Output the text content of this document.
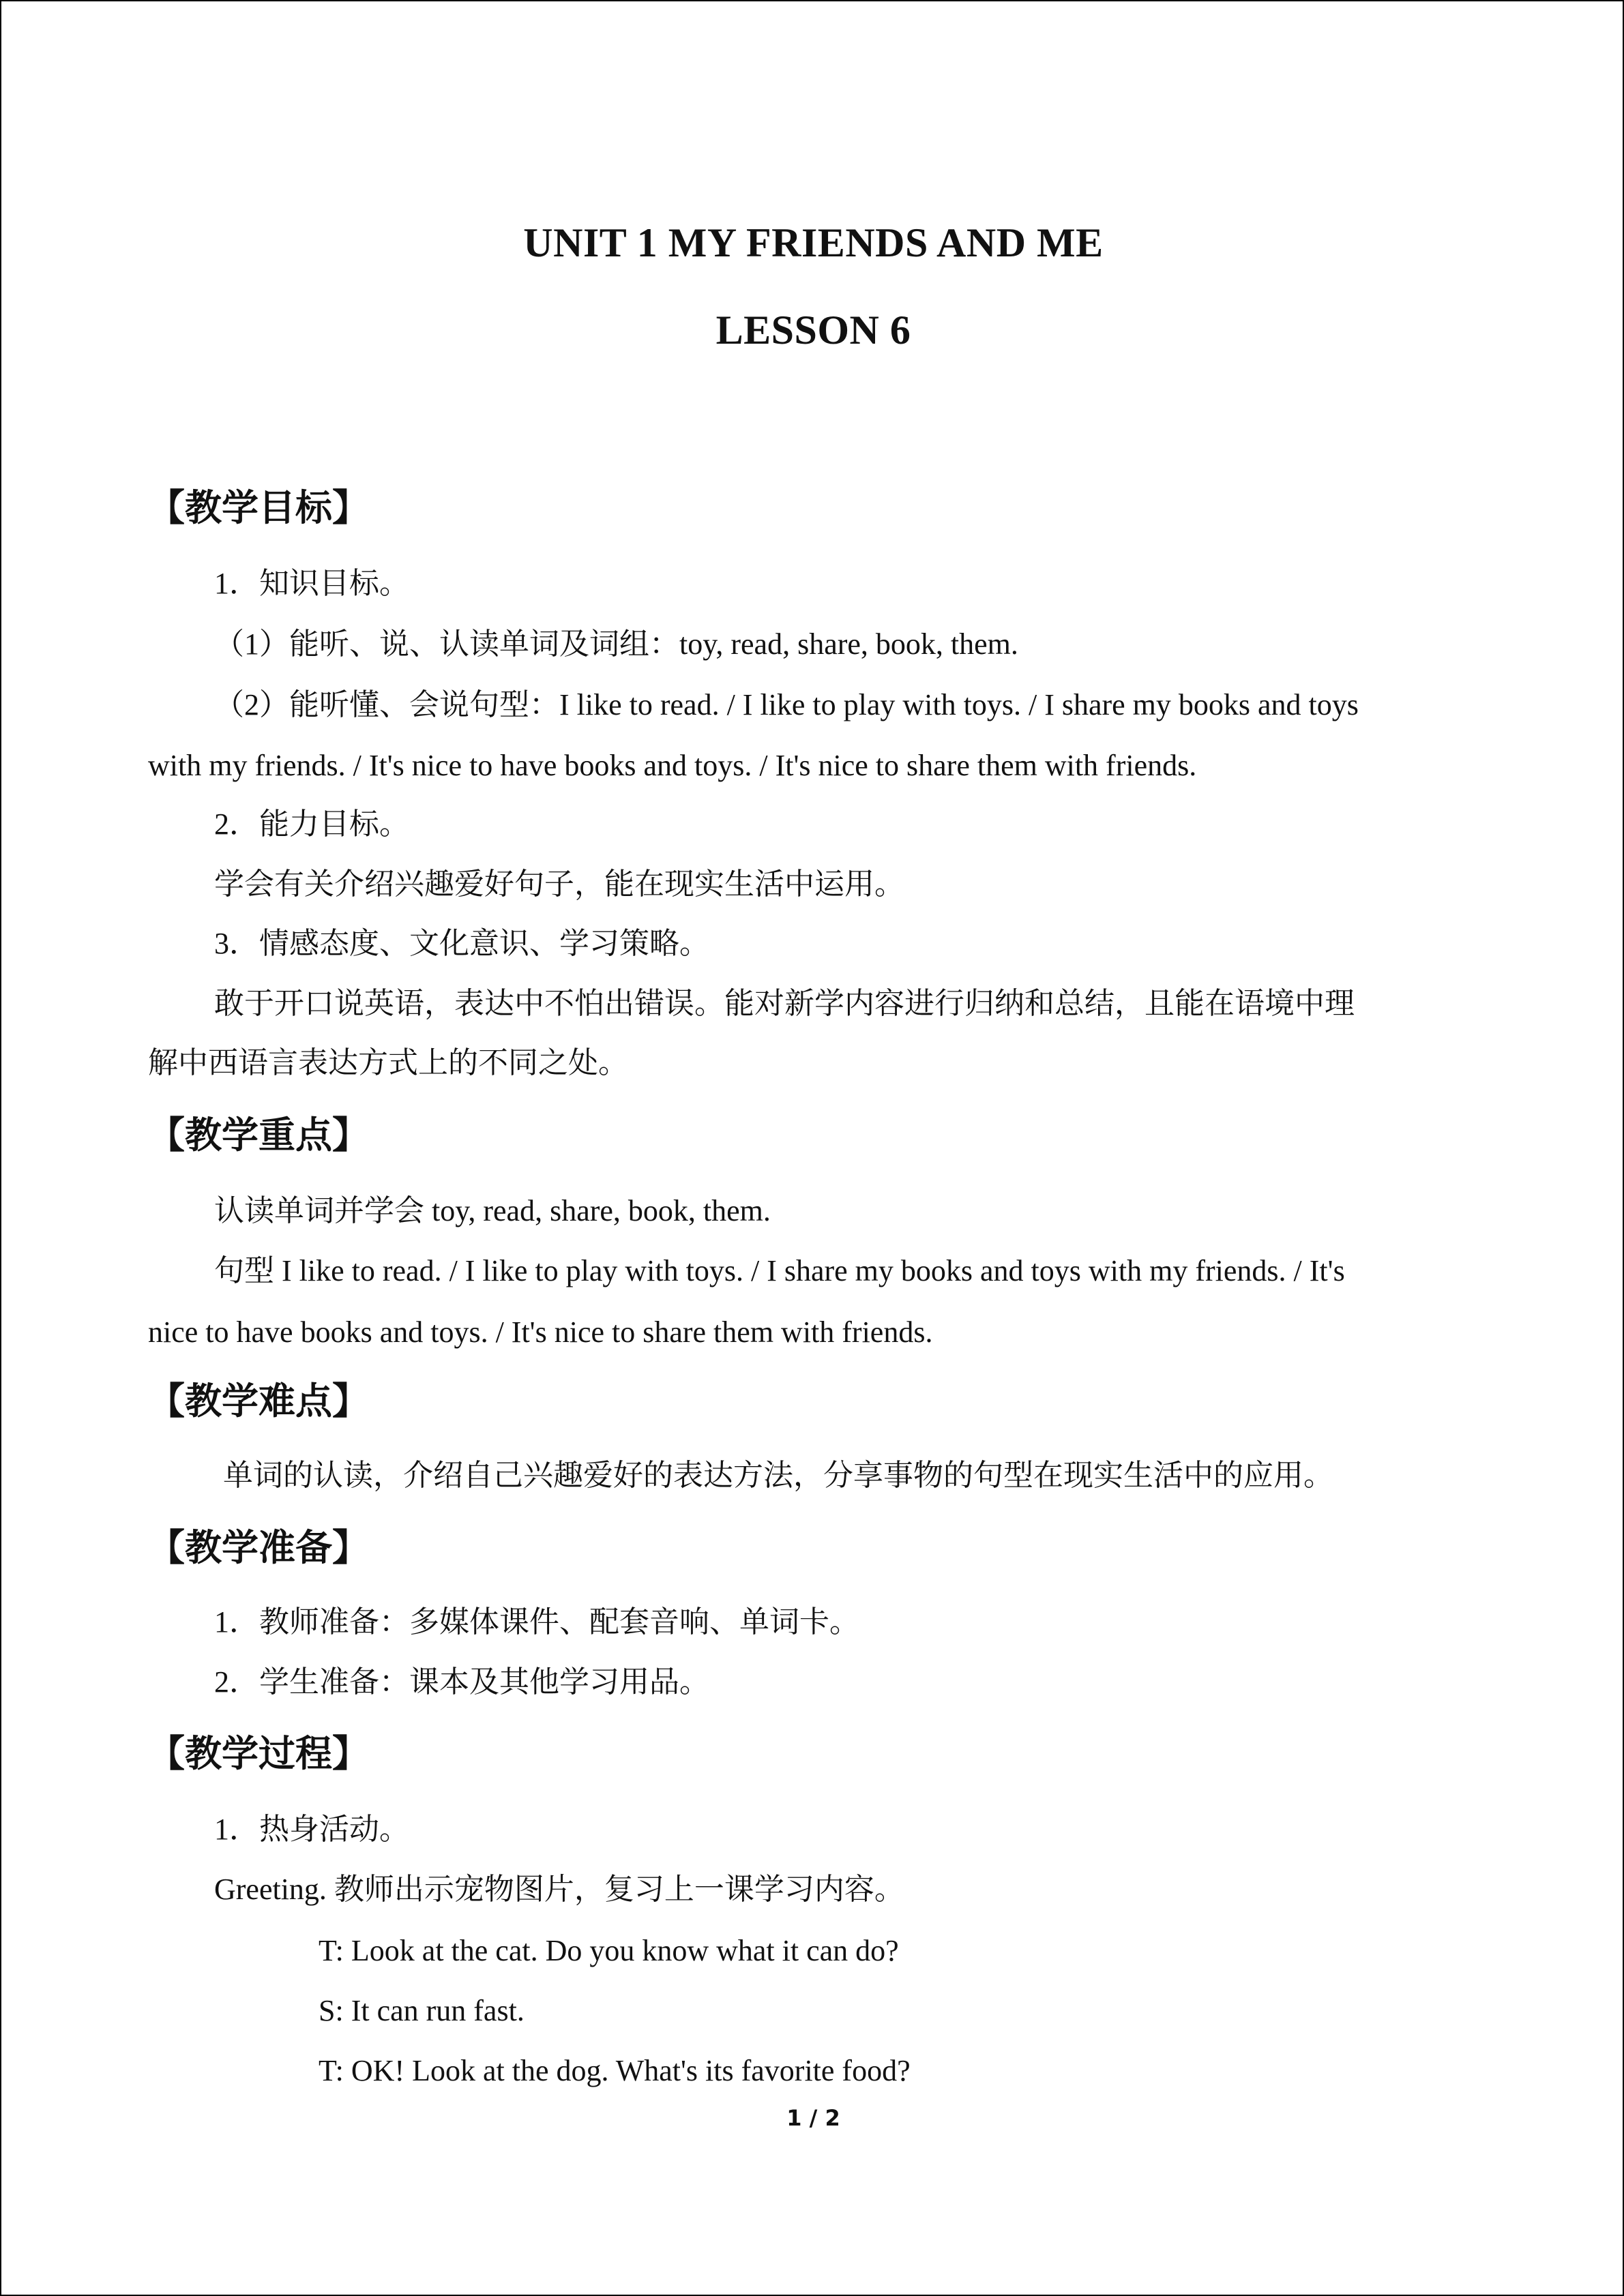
UNIT 1 MY FRIENDS AND ME
LESSON 6
【教学目标】
1．知识目标。
（1）能听、说、认读单词及词组：toy, read, share, book, them.
（2）能听懂、会说句型：I like to read. / I like to play with toys. / I share my books and toys
with my friends. / It's nice to have books and toys. / It's nice to share them with friends.
2．能力目标。
学会有关介绍兴趣爱好句子，能在现实生活中运用。
3．情感态度、文化意识、学习策略。
敢于开口说英语，表达中不怕出错误。能对新学内容进行归纳和总结，且能在语境中理
解中西语言表达方式上的不同之处。
【教学重点】
认读单词并学会 toy, read, share, book, them.
句型 I like to read. / I like to play with toys. / I share my books and toys with my friends. / It's
nice to have books and toys. / It's nice to share them with friends.
【教学难点】
单词的认读，介绍自己兴趣爱好的表达方法，分享事物的句型在现实生活中的应用。
【教学准备】
1．教师准备：多媒体课件、配套音响、单词卡。
2．学生准备：课本及其他学习用品。
【教学过程】
1．热身活动。
Greeting. 教师出示宠物图片，复习上一课学习内容。
T: Look at the cat. Do you know what it can do?
S: It can run fast.
T: OK! Look at the dog. What's its favorite food?
1 / 2
